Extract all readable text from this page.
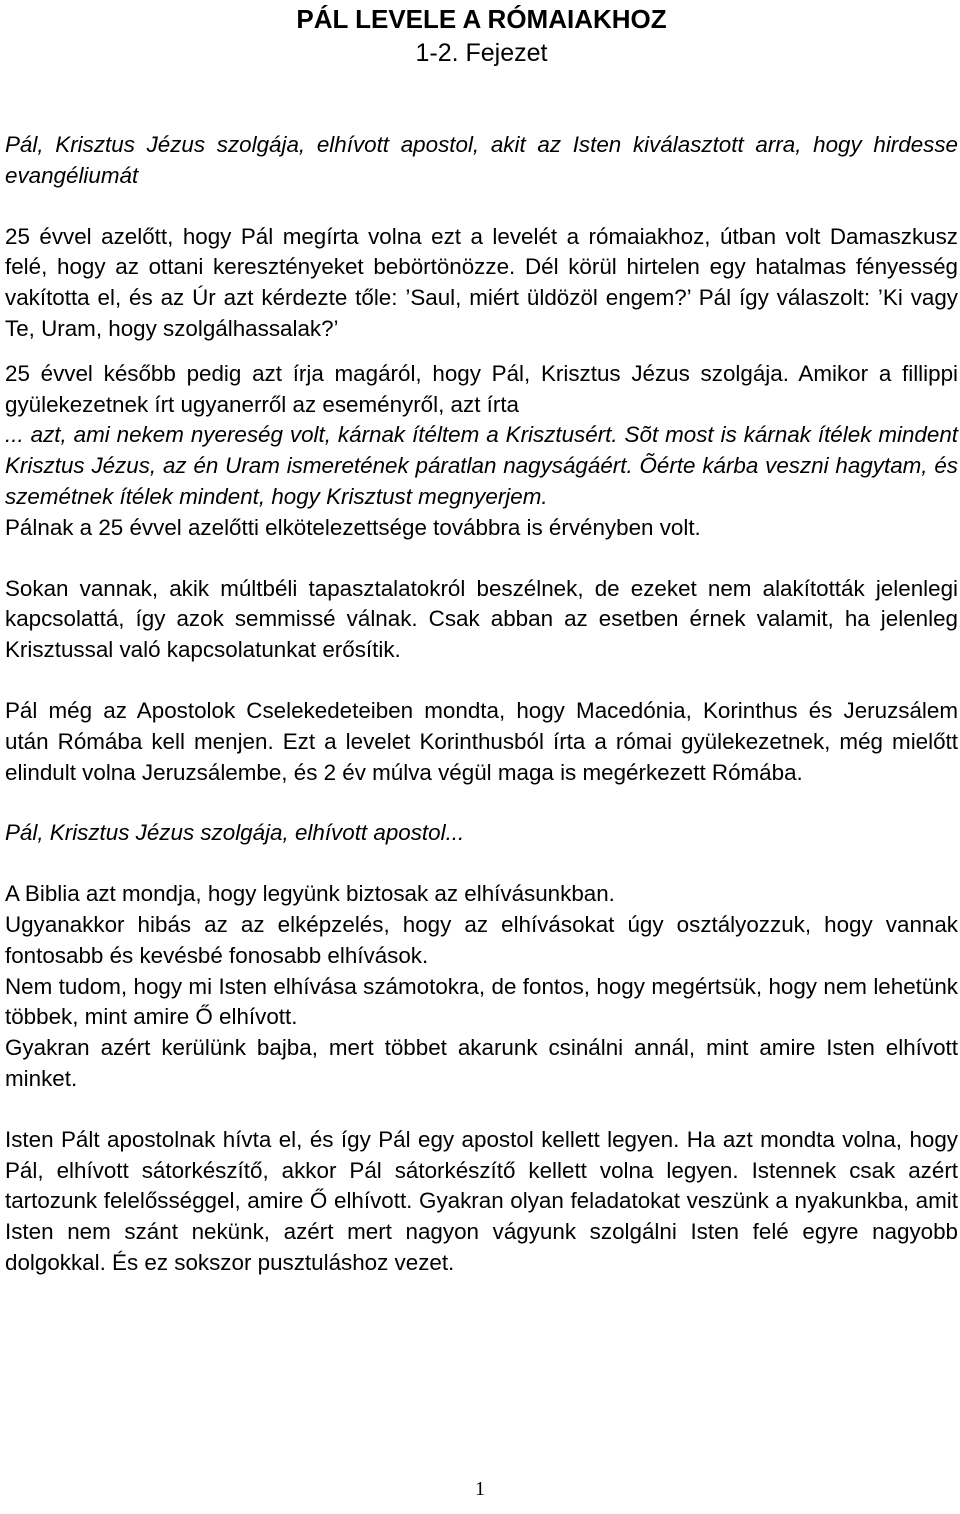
PÁL LEVELE A RÓMAIAKHOZ
1-2. Fejezet

Pál, Krisztus Jézus szolgája, elhívott apostol, akit az Isten kiválasztott arra, hogy hirdesse evangéliumát

25 évvel azelőtt, hogy Pál megírta volna ezt a levelét a rómaiakhoz, útban volt Damaszkusz felé, hogy az ottani keresztényeket bebörtönözze. Dél körül hirtelen egy hatalmas fényesség vakította el, és az Úr azt kérdezte tőle: ’Saul, miért üldözöl engem?’ Pál így válaszolt: ’Ki vagy Te, Uram, hogy szolgálhassalak?’

25 évvel később pedig azt írja magáról, hogy Pál, Krisztus Jézus szolgája. Amikor a fillippi gyülekezetnek írt ugyanerről az eseményről, azt írta

... azt, ami nekem nyereség volt, kárnak ítéltem a Krisztusért. Sõt most is kárnak ítélek mindent Krisztus Jézus, az én Uram ismeretének páratlan nagyságáért. Õérte kárba veszni hagytam, és szemétnek ítélek mindent, hogy Krisztust megnyerjem.

Pálnak a 25 évvel azelőtti elkötelezettsége továbbra is érvényben volt.

Sokan vannak, akik múltbéli tapasztalatokról beszélnek, de ezeket nem alakították jelenlegi kapcsolattá, így azok semmissé válnak. Csak abban az esetben érnek valamit, ha jelenleg Krisztussal való kapcsolatunkat erősítik.

Pál még az Apostolok Cselekedeteiben mondta, hogy Macedónia, Korinthus és Jeruzsálem után Rómába kell menjen. Ezt a levelet Korinthusból írta a római gyülekezetnek, még mielőtt elindult volna Jeruzsálembe, és 2 év múlva végül maga is megérkezett Rómába.

Pál, Krisztus Jézus szolgája, elhívott apostol...

A Biblia azt mondja, hogy legyünk biztosak az elhívásunkban.

Ugyanakkor hibás az az elképzelés, hogy az elhívásokat úgy osztályozzuk, hogy vannak fontosabb és kevésbé fonosabb elhívások.

Nem tudom, hogy mi Isten elhívása számotokra, de fontos, hogy megértsük, hogy nem lehetünk többek, mint amire Ő elhívott.

Gyakran azért kerülünk bajba, mert többet akarunk csinálni annál, mint amire Isten elhívott minket.

Isten Pált apostolnak hívta el, és így Pál egy apostol kellett legyen. Ha azt mondta volna, hogy Pál, elhívott sátorkészítő, akkor Pál sátorkészítő kellett volna legyen. Istennek csak azért tartozunk felelősséggel, amire Ő elhívott. Gyakran olyan feladatokat veszünk a nyakunkba, amit Isten nem szánt nekünk, azért mert nagyon vágyunk szolgálni Isten felé egyre nagyobb dolgokkal. És ez sokszor pusztuláshoz vezet.

1
